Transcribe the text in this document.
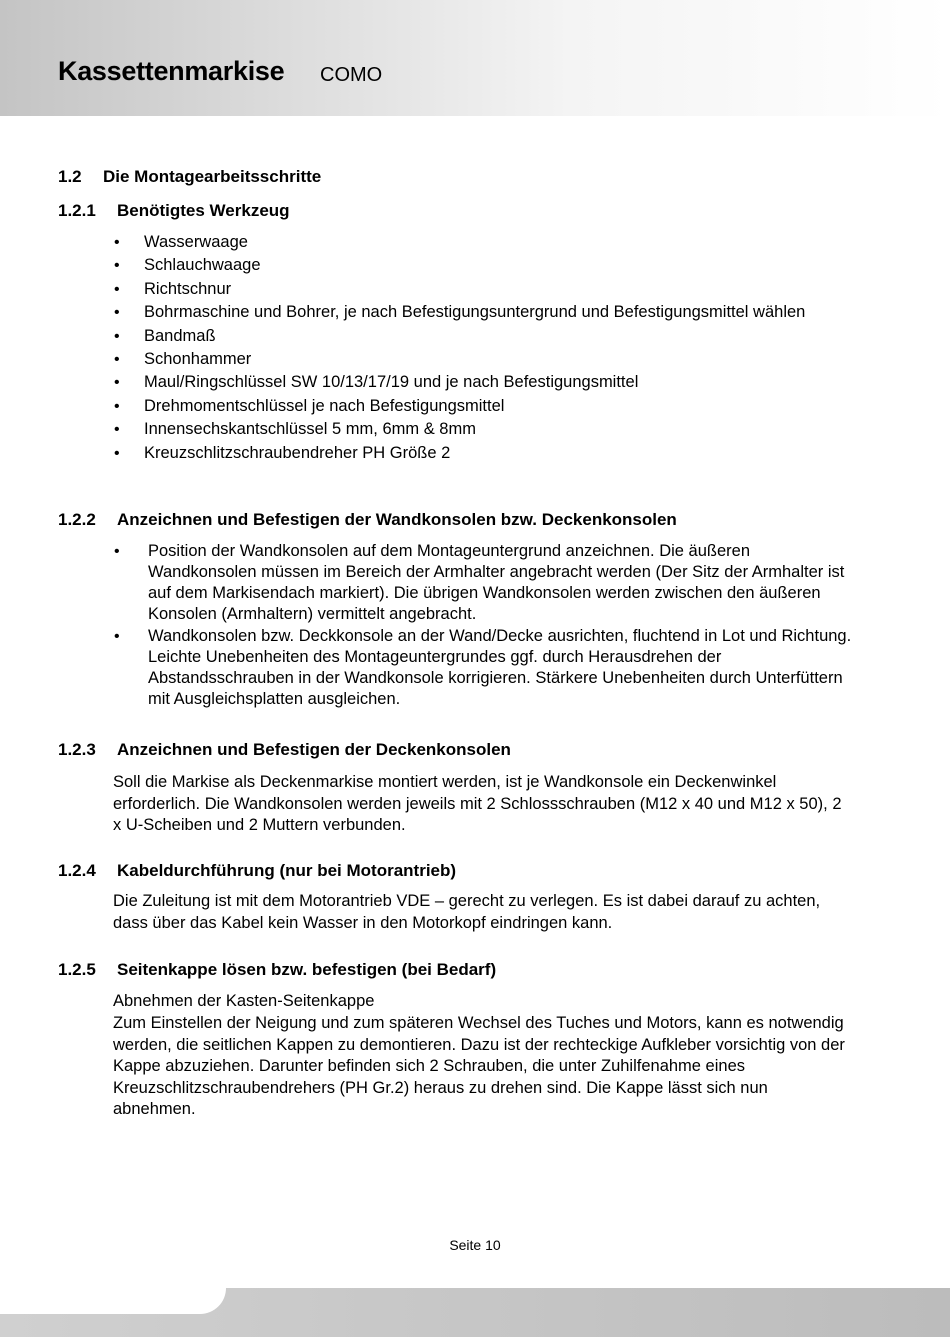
Kassettenmarkise COMO
1.2 Die Montagearbeitsschritte
1.2.1 Benötigtes Werkzeug
• Wasserwaage
• Schlauchwaage
• Richtschnur
• Bohrmaschine und Bohrer, je nach Befestigungsuntergrund und Befestigungsmittel wählen
• Bandmaß
• Schonhammer
• Maul/Ringschlüssel SW 10/13/17/19 und je nach Befestigungsmittel
• Drehmomentschlüssel je nach Befestigungsmittel
• Innensechskantschlüssel 5 mm, 6mm & 8mm
• Kreuzschlitzschraubendreher PH Größe 2
1.2.2 Anzeichnen und Befestigen der Wandkonsolen bzw. Deckenkonsolen
• Position der Wandkonsolen auf dem Montageuntergrund anzeichnen. Die äußeren Wandkonsolen müssen im Bereich der Armhalter angebracht werden (Der Sitz der Armhalter ist auf dem Markisendach markiert). Die übrigen Wandkonsolen werden zwischen den äußeren Konsolen (Armhaltern) vermittelt angebracht.
• Wandkonsolen bzw. Deckkonsole an der Wand/Decke ausrichten, fluchtend in Lot und Richtung. Leichte Unebenheiten des Montageuntergrundes ggf. durch Herausdrehen der Abstandsschrauben in der Wandkonsole korrigieren. Stärkere Unebenheiten durch Unterfüttern mit Ausgleichsplatten ausgleichen.
1.2.3 Anzeichnen und Befestigen der Deckenkonsolen

Soll die Markise als Deckenmarkise montiert werden, ist je Wandkonsole ein Deckenwinkel erforderlich. Die Wandkonsolen werden jeweils mit 2 Schlossschrauben (M12 x 40 und M12 x 50), 2 x U-Scheiben und 2 Muttern verbunden.

1.2.4 Kabeldurchführung (nur bei Motorantrieb)

Die Zuleitung ist mit dem Motorantrieb VDE – gerecht zu verlegen. Es ist dabei darauf zu achten, dass über das Kabel kein Wasser in den Motorkopf eindringen kann.

1.2.5 Seitenkappe lösen bzw. befestigen (bei Bedarf)

Abnehmen der Kasten-Seitenkappe

Zum Einstellen der Neigung und zum späteren Wechsel des Tuches und Motors, kann es notwendig werden, die seitlichen Kappen zu demontieren. Dazu ist der rechteckige Aufkleber vorsichtig von der Kappe abzuziehen. Darunter befinden sich 2 Schrauben, die unter Zuhilfenahme eines Kreuzschlitzschraubendrehers (PH Gr.2) heraus zu drehen sind. Die Kappe lässt sich nun abnehmen.

Seite 10
